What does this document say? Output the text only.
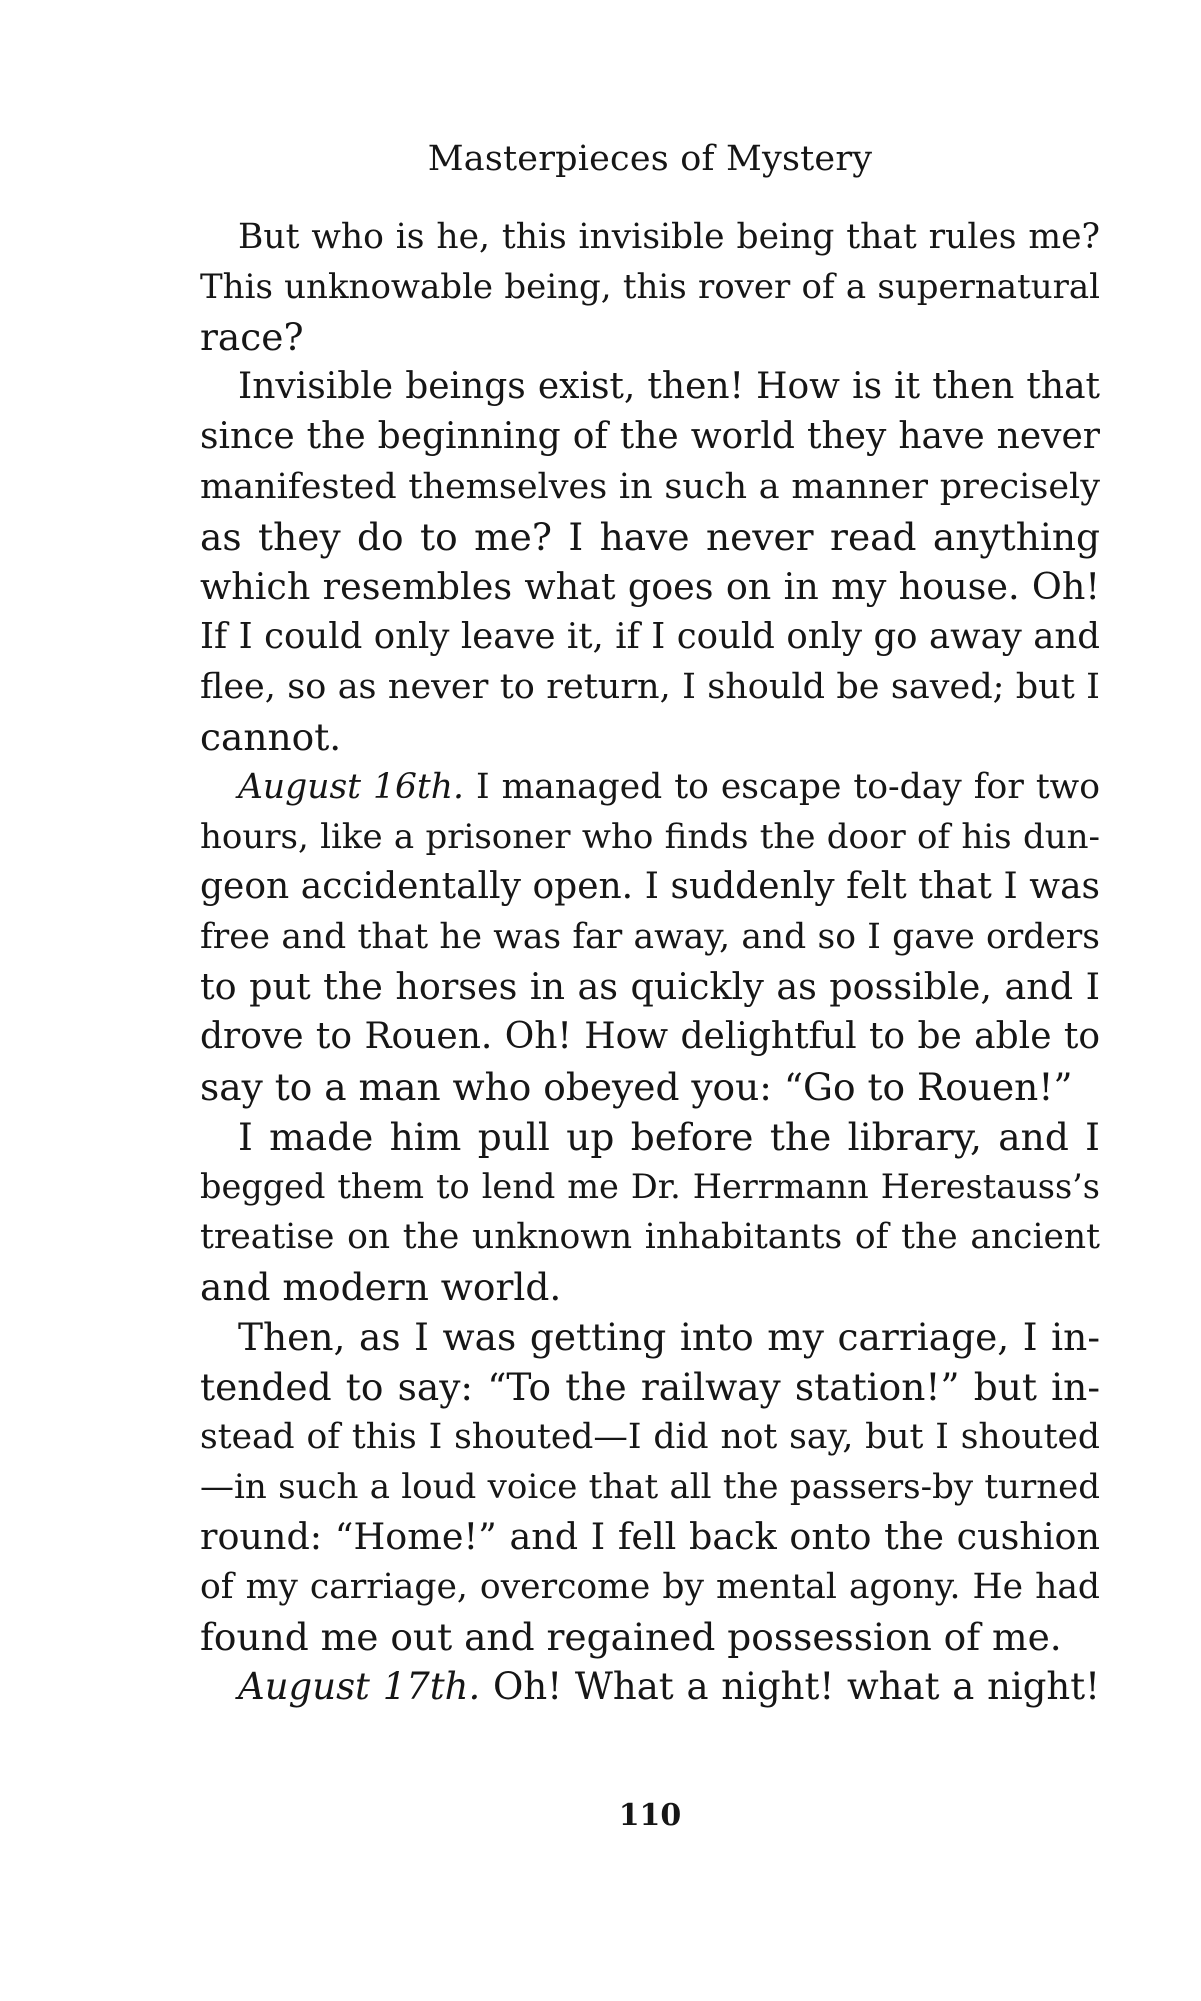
Masterpieces of Mystery
But who is he, this invisible being that rules me?
This unknowable being, this rover of a supernatural
race?
Invisible beings exist, then! How is it then that
since the beginning of the world they have never
manifested themselves in such a manner precisely
as they do to me? I have never read anything
which resembles what goes on in my house. Oh!
If I could only leave it, if I could only go away and
flee, so as never to return, I should be saved; but I
cannot.
August 16th. I managed to escape to-day for two
hours, like a prisoner who finds the door of his dun-
geon accidentally open. I suddenly felt that I was
free and that he was far away, and so I gave orders
to put the horses in as quickly as possible, and I
drove to Rouen. Oh! How delightful to be able to
say to a man who obeyed you: “Go to Rouen!”
I made him pull up before the library, and I
begged them to lend me Dr. Herrmann Herestauss’s
treatise on the unknown inhabitants of the ancient
and modern world.
Then, as I was getting into my carriage, I in-
tended to say: “To the railway station!” but in-
stead of this I shouted—I did not say, but I shouted
—in such a loud voice that all the passers-by turned
round: “Home!” and I fell back onto the cushion
of my carriage, overcome by mental agony. He had
found me out and regained possession of me.
August 17th. Oh! What a night! what a night!
110
